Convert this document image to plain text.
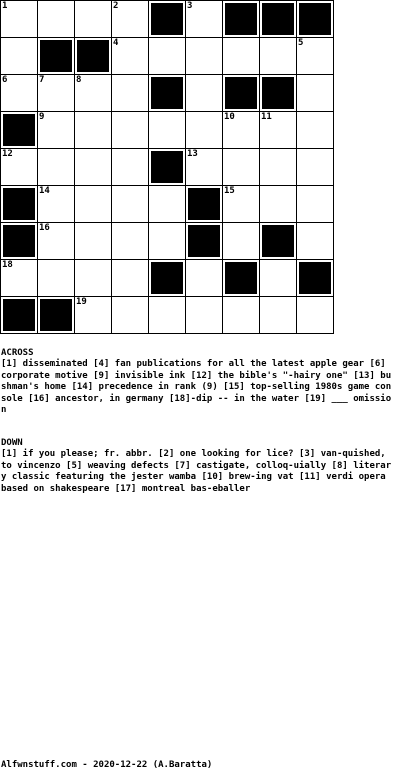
1	2	3
4	5
6	7	8
9	10	11
12	13
14	15
16
18
19
ACROSS
[1] disseminated [4] fan publications for all the latest apple gear [6] corporate motive [9] invisible ink [12] the bible's "-hairy one" [13] bushman's home [14] precedence in rank (9) [15] top-selling 1980s game console [16] ancestor, in germany [18]-dip -- in the water [19] ___ omission
DOWN
[1] if you please; fr. abbr. [2] one looking for lice? [3] van-quished, to vincenzo [5] weaving defects [7] castigate, colloq-uially [8] literary classic featuring the jester wamba [10] brew-ing vat [11] verdi opera based on shakespeare [17] montreal bas-eballer
Alfwnstuff.com - 2020-12-22 (A.Baratta)
